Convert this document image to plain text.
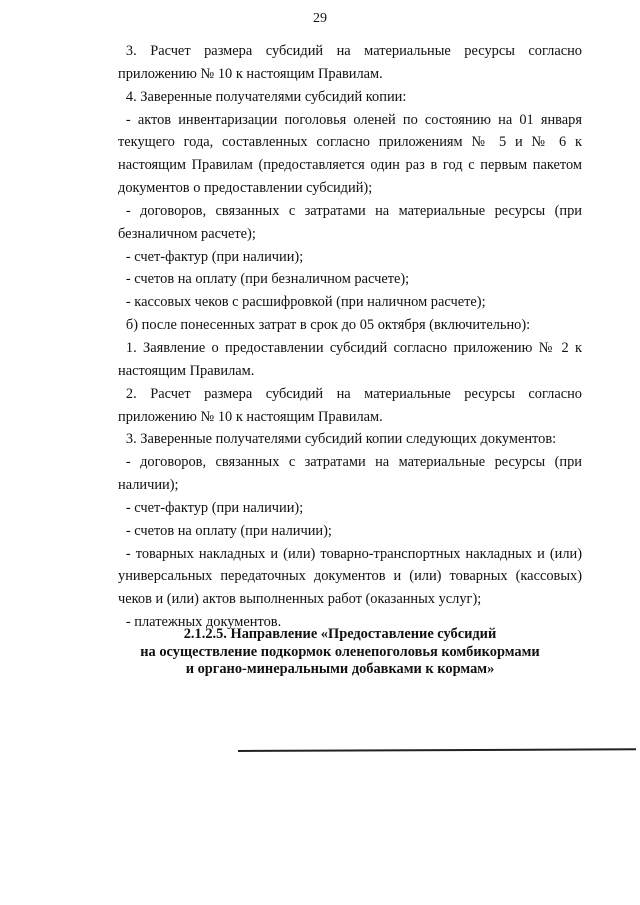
29

3. Расчет размера субсидий на материальные ресурсы согласно приложению № 10 к настоящим Правилам.

4. Заверенные получателями субсидий копии:

- актов инвентаризации поголовья оленей по состоянию на 01 января текущего года, составленных согласно приложениям № 5 и № 6 к настоящим Правилам (предоставляется один раз в год с первым пакетом документов о предоставлении субсидий);

- договоров, связанных с затратами на материальные ресурсы (при безналичном расчете);

- счет-фактур (при наличии);

- счетов на оплату (при безналичном расчете);

- кассовых чеков с расшифровкой (при наличном расчете);

б) после понесенных затрат в срок до 05 октября (включительно):

1. Заявление о предоставлении субсидий согласно приложению № 2 к настоящим Правилам.

2. Расчет размера субсидий на материальные ресурсы согласно приложению № 10 к настоящим Правилам.

3. Заверенные получателями субсидий копии следующих документов:

- договоров, связанных с затратами на материальные ресурсы (при наличии);

- счет-фактур (при наличии);

- счетов на оплату (при наличии);

- товарных накладных и (или) товарно-транспортных накладных и (или) универсальных передаточных документов и (или) товарных (кассовых) чеков и (или) актов выполненных работ (оказанных услуг);

- платежных документов.

2.1.2.5. Направление «Предоставление субсидий
на осуществление подкормок оленепоголовья комбикормами
и органо-минеральными добавками к кормам»
